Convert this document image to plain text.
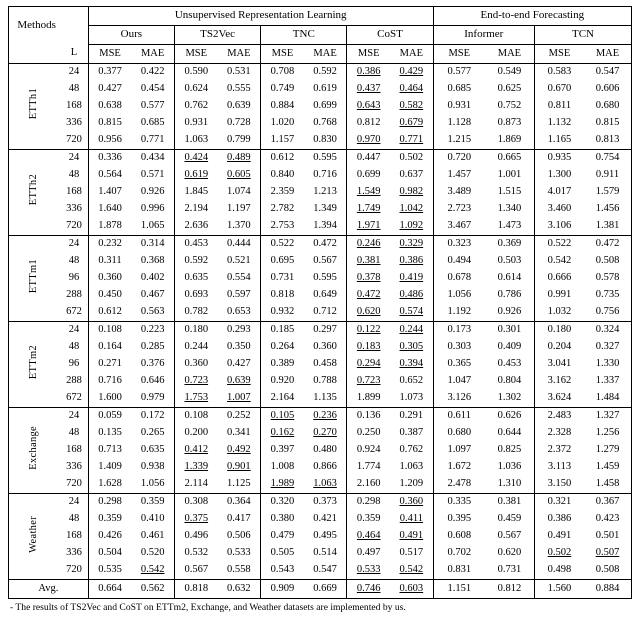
Methods		Unsupervised Representation Learning								End-to-end Forecasting			
		Ours		TS2Vec		TNC		CoST		Informer		TCN	
	L	MSE	MAE	MSE	MAE	MSE	MAE	MSE	MAE	MSE	MAE	MSE	MAE
ETTh1	24	0.377	0.422	0.590	0.531	0.708	0.592	0.386	0.429	0.577	0.549	0.583	0.547
	48	0.427	0.454	0.624	0.555	0.749	0.619	0.437	0.464	0.685	0.625	0.670	0.606
	168	0.638	0.577	0.762	0.639	0.884	0.699	0.643	0.582	0.931	0.752	0.811	0.680
	336	0.815	0.685	0.931	0.728	1.020	0.768	0.812	0.679	1.128	0.873	1.132	0.815
	720	0.956	0.771	1.063	0.799	1.157	0.830	0.970	0.771	1.215	1.869	1.165	0.813
ETTh2	24	0.336	0.434	0.424	0.489	0.612	0.595	0.447	0.502	0.720	0.665	0.935	0.754
	48	0.564	0.571	0.619	0.605	0.840	0.716	0.699	0.637	1.457	1.001	1.300	0.911
	168	1.407	0.926	1.845	1.074	2.359	1.213	1.549	0.982	3.489	1.515	4.017	1.579
	336	1.640	0.996	2.194	1.197	2.782	1.349	1.749	1.042	2.723	1.340	3.460	1.456
	720	1.878	1.065	2.636	1.370	2.753	1.394	1.971	1.092	3.467	1.473	3.106	1.381
ETTm1	24	0.232	0.314	0.453	0.444	0.522	0.472	0.246	0.329	0.323	0.369	0.522	0.472
	48	0.311	0.368	0.592	0.521	0.695	0.567	0.381	0.386	0.494	0.503	0.542	0.508
	96	0.360	0.402	0.635	0.554	0.731	0.595	0.378	0.419	0.678	0.614	0.666	0.578
	288	0.450	0.467	0.693	0.597	0.818	0.649	0.472	0.486	1.056	0.786	0.991	0.735
	672	0.612	0.563	0.782	0.653	0.932	0.712	0.620	0.574	1.192	0.926	1.032	0.756
ETTm2	24	0.108	0.223	0.180	0.293	0.185	0.297	0.122	0.244	0.173	0.301	0.180	0.324
	48	0.164	0.285	0.244	0.350	0.264	0.360	0.183	0.305	0.303	0.409	0.204	0.327
	96	0.271	0.376	0.360	0.427	0.389	0.458	0.294	0.394	0.365	0.453	3.041	1.330
	288	0.716	0.646	0.723	0.639	0.920	0.788	0.723	0.652	1.047	0.804	3.162	1.337
	672	1.600	0.979	1.753	1.007	2.164	1.135	1.899	1.073	3.126	1.302	3.624	1.484
Exchange	24	0.059	0.172	0.108	0.252	0.105	0.236	0.136	0.291	0.611	0.626	2.483	1.327
	48	0.135	0.265	0.200	0.341	0.162	0.270	0.250	0.387	0.680	0.644	2.328	1.256
	168	0.713	0.635	0.412	0.492	0.397	0.480	0.924	0.762	1.097	0.825	2.372	1.279
	336	1.409	0.938	1.339	0.901	1.008	0.866	1.774	1.063	1.672	1.036	3.113	1.459
	720	1.628	1.056	2.114	1.125	1.989	1.063	2.160	1.209	2.478	1.310	3.150	1.458
Weather	24	0.298	0.359	0.308	0.364	0.320	0.373	0.298	0.360	0.335	0.381	0.321	0.367
	48	0.359	0.410	0.375	0.417	0.380	0.421	0.359	0.411	0.395	0.459	0.386	0.423
	168	0.426	0.461	0.496	0.506	0.479	0.495	0.464	0.491	0.608	0.567	0.491	0.501
	336	0.504	0.520	0.532	0.533	0.505	0.514	0.497	0.517	0.702	0.620	0.502	0.507
	720	0.535	0.542	0.567	0.558	0.543	0.547	0.533	0.542	0.831	0.731	0.498	0.508
Avg.		0.664	0.562	0.818	0.632	0.909	0.669	0.746	0.603	1.151	0.812	1.560	0.884
- The results of TS2Vec and CoST on ETTm2, Exchange, and Weather datasets are implemented by us.
